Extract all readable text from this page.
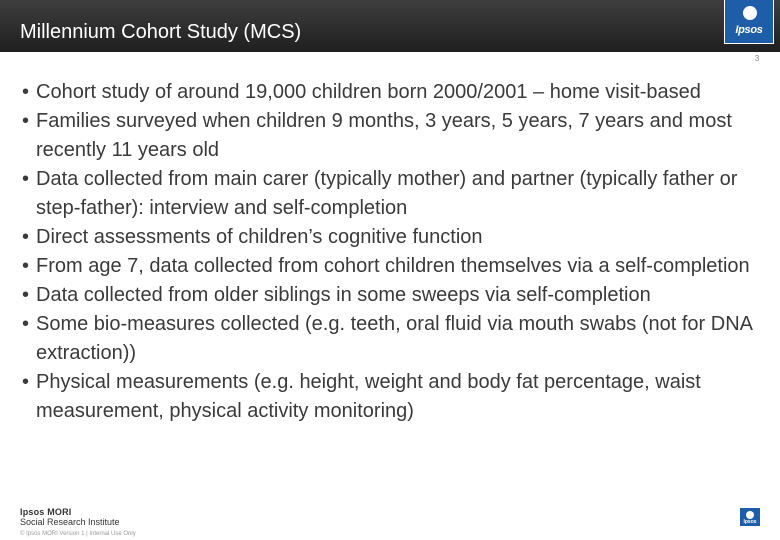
Millennium Cohort Study (MCS)	Ipsos
3
• Cohort study of around 19,000 children born 2000/2001 – home visit-based
• Families surveyed when children 9 months, 3 years, 5 years, 7 years and most recently 11 years old
• Data collected from main carer (typically mother) and partner (typically father or step-father): interview and self-completion
• Direct assessments of children’s cognitive function
• From age 7, data collected from cohort children themselves via a self-completion
• Data collected from older siblings in some sweeps via self-completion
• Some bio-measures collected (e.g. teeth, oral fluid via mouth swabs (not for DNA extraction))
• Physical measurements (e.g. height, weight and body fat percentage, waist measurement, physical activity monitoring)
Ipsos MORI
Social Research Institute
© Ipsos MORI Version 1 | Internal Use Only
Ipsos
